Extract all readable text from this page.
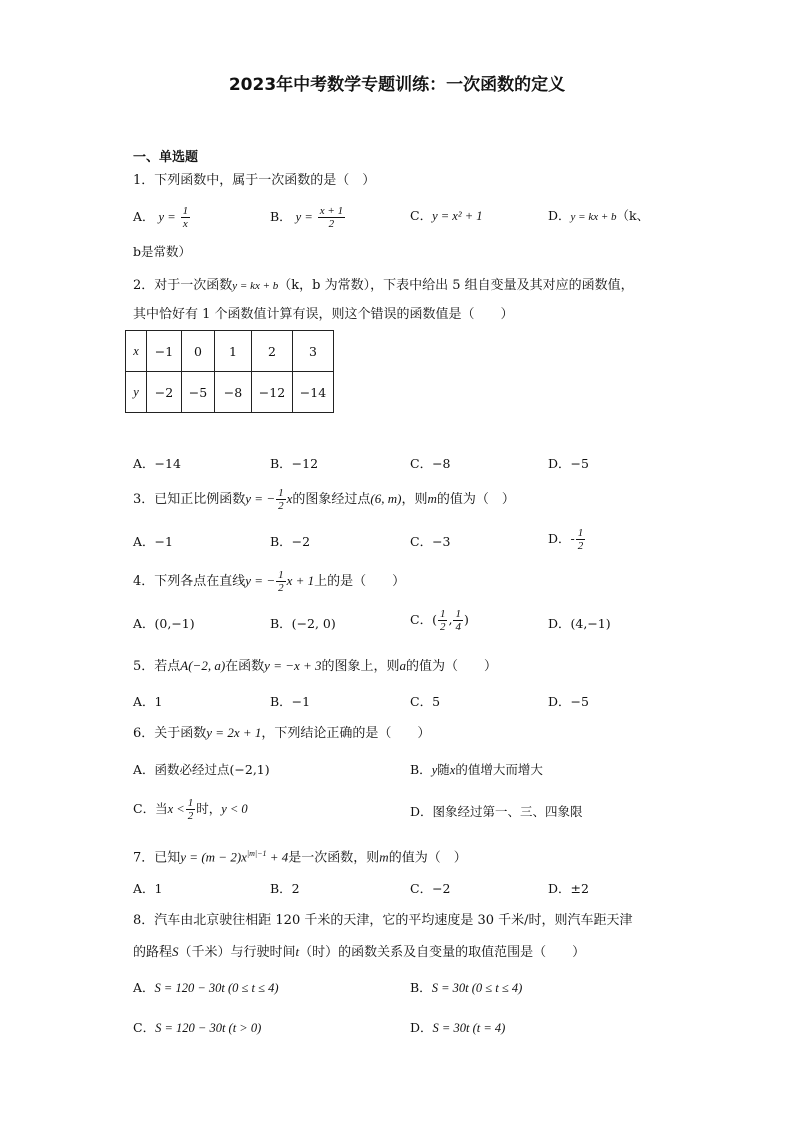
2023年中考数学专题训练：一次函数的定义
一、单选题
1．下列函数中，属于一次函数的是（　）
A． $y = \frac{1}{x}$	B． $y = \frac{x + 1}{2}$	C．y = x² + 1	D．y = kx + b（k、
b是常数）
2．对于一次函数y = kx + b（k，b 为常数），下表中给出 5 组自变量及其对应的函数值，
其中恰好有 1 个函数值计算有误，则这个错误的函数值是（　　）
x	−1	0	1	2	3
y	−2	−5	−8	−12	−14
A．−14	B．−12	C．−8	D．−5
3．已知正比例函数y = − $\frac{1}{2}$ x的图象经过点(6, m)，则m的值为（　）
A．−1	B．−2	C．−3	D．- $\frac{1}{2}$
4．下列各点在直线y = − $\frac{1}{2}$ x + 1上的是（　　）
A．(0,−1)	B．(−2, 0)	C．( $\frac{1}{2}$ , $\frac{1}{4}$ )	D．(4,−1)
5．若点A(−2, a)在函数y = −x + 3的图象上，则a的值为（　　）
A．1	B．−1	C．5	D．−5
6．关于函数y = 2x + 1，下列结论正确的是（　　）
A．函数必经过点(−2,1)	B．y随x的值增大而增大
C．当$x < \frac{1}{2}$ 时，y < 0	D．图象经过第一、三、四象限
7．已知$y = (m - 2)x^{|m|-1} + 4$是一次函数，则m的值为（　）
A．1	B．2	C．−2	D．±2
8．汽车由北京驶往相距 120 千米的天津，它的平均速度是 30 千米/时，则汽车距天津
的路程S（千米）与行驶时间t（时）的函数关系及自变量的取值范围是（　　）
A．S = 120 − 30t (0 ≤ t ≤ 4)	B．S = 30t (0 ≤ t ≤ 4)
C．S = 120 − 30t (t > 0)	D．S = 30t (t = 4)
